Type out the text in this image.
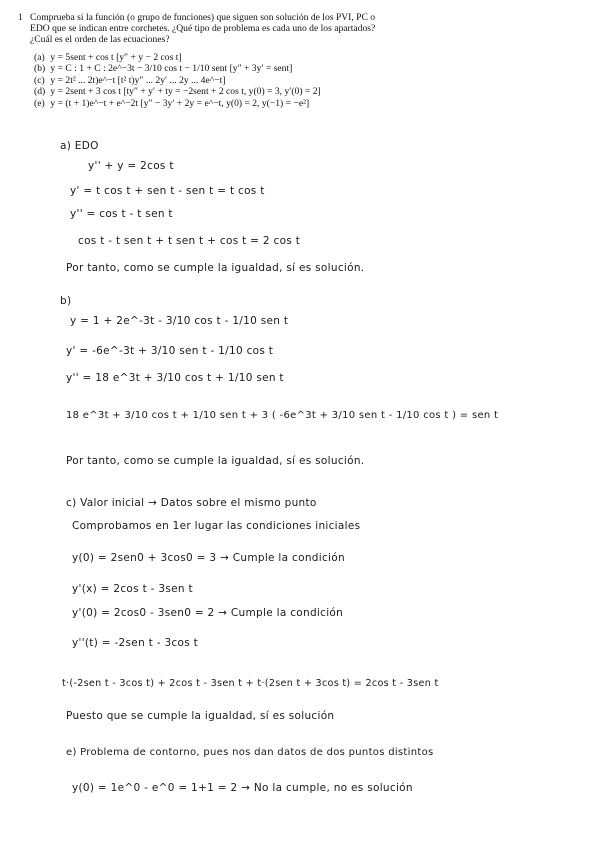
1 Comprueba si la función (o grupo de funciones) que siguen son solución de los PVI, PC o
EDO que se indican entre corchetes. ¿Qué tipo de problema es cada uno de los apartados?
¿Cuál es el orden de las ecuaciones?
(a) y = 5sent + cos t [y″ + y − 2 cos t]
(b) y = C : 1 + C : 2e^−3t − 3/10 cos t − 1/10 sent [y″ + 3y′ = sent]
(c) y = 2t² ... 2t)e^−t [t² t)y″ ... 2y′ ... 2y ... 4e^−t]
(d) y = 2sent + 3 cos t [ty″ + y′ + ty = −2sent + 2 cos t, y(0) = 3, y′(0) = 2]
(e) y = (t + 1)e^−t + e^−2t [y″ − 3y′ + 2y = e^−t, y(0) = 2, y(−1) = −e²]
a) EDO
y'' + y = 2cos t
y' = t cos t + sen t - sen t = t cos t
y'' = cos t - t sen t
cos t - t sen t + t sen t + cos t = 2 cos t
Por tanto, como se cumple la igualdad, sí es solución.
b)
y = 1 + 2e^-3t - 3/10 cos t - 1/10 sen t
y' = -6e^-3t + 3/10 sen t - 1/10 cos t
y'' = 18 e^3t + 3/10 cos t + 1/10 sen t
18 e^3t + 3/10 cos t + 1/10 sen t + 3 ( -6e^3t + 3/10 sen t - 1/10 cos t ) = sen t
Por tanto, como se cumple la igualdad, sí es solución.
c) Valor inicial → Datos sobre el mismo punto
Comprobamos en 1er lugar las condiciones iniciales
y(0) = 2sen0 + 3cos0 = 3 → Cumple la condición
y'(x) = 2cos t - 3sen t
y'(0) = 2cos0 - 3sen0 = 2 → Cumple la condición
y''(t) = -2sen t - 3cos t
t·(-2sen t - 3cos t) + 2cos t - 3sen t + t·(2sen t + 3cos t) = 2cos t - 3sen t
Puesto que se cumple la igualdad, sí es solución
e) Problema de contorno, pues nos dan datos de dos puntos distintos
y(0) = 1e^0 - e^0 = 1+1 = 2 → No la cumple, no es solución
